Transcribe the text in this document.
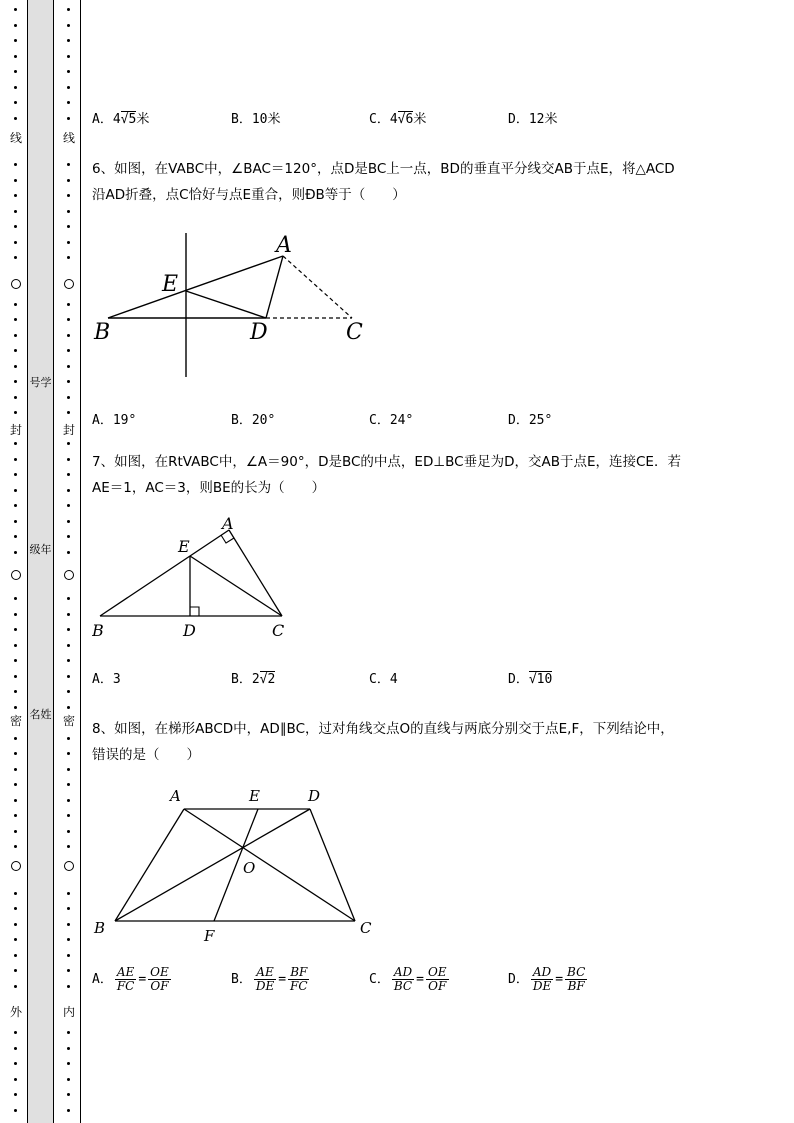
线
封
密
外
号学
级年
名姓
线
封
密
内
A．4√5米	B．10米	C．4√6米	D．12米
6、如图，在VABC中，∠BAC＝120°，点D是BC上一点，BD的垂直平分线交AB于点E，将△ACD
沿AD折叠，点C恰好与点E重合，则ÐB等于（　　）
A
B	C
D
E
A．19°	B．20°	C．24°	D．25°
7、如图，在RtVABC中，∠A＝90°，D是BC的中点，ED⊥BC垂足为D，交AB于点E，连接CE．若
AE＝1，AC＝3，则BE的长为（　　）
A
B	C
D
E
A．3	B．2√2	C．4	D．√10
8、如图，在梯形ABCD中，AD∥BC，过对角线交点O的直线与两底分别交于点E,F，下列结论中，
错误的是（　　）
A	E	D
O
B	F	C
A． $\frac{AE}{FC} = \frac{OE}{OF}$	B． $\frac{AE}{DE} = \frac{BF}{FC}$	C． $\frac{AD}{BC} = \frac{OE}{OF}$	D． $\frac{AD}{DE} = \frac{BC}{BF}$
